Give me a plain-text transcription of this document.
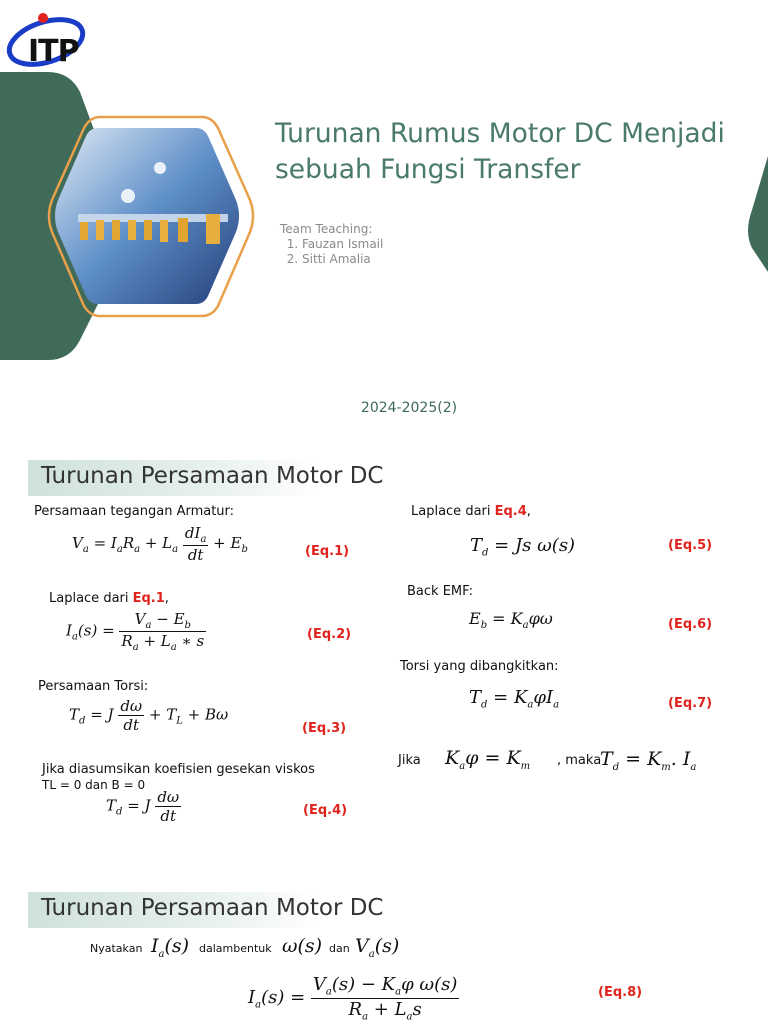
ITP
Turunan Rumus Motor DC Menjadi sebuah Fungsi Transfer
Team Teaching:
1. Fauzan Ismail
2. Sitti Amalia
2024-2025(2)
Turunan Persamaan Motor DC
Persamaan tegangan Armatur:
$V_a = I_aR_a + L_a \frac{dI_a}{dt} + E_b$	(Eq.1)
Laplace dari Eq.1,
$I_a(s) = \frac{V_a - E_b}{R_a + L_a ∗ s}$	(Eq.2)
Persamaan Torsi:
$T_d = J \frac{d\omega}{dt} + T_L + B\omega$
(Eq.3)
Jika diasumsikan koefisien gesekan viskos
TL = 0 dan B = 0
$T_d = J \frac{d\omega}{dt}$	(Eq.4)
Laplace dari Eq.4,
$T_d = Js$ ω(s)	(Eq.5)
Back EMF:
$E_b = K_a\varphi\omega$	(Eq.6)
Torsi yang dibangkitkan:
$T_d = K_a\varphi I_a$	(Eq.7)
Jika $K_a\varphi = K_m$ , maka
$T_d = K_m$. $I_a$
Turunan Persamaan Motor DC
Nyatakan $I_a(s)$ dalambentuk ω(s) dan $V_a(s)$
$I_a(s) = \frac{V_a(s) - K_a\varphi \omega(s)}{R_a + L_as}$	(Eq.8)
